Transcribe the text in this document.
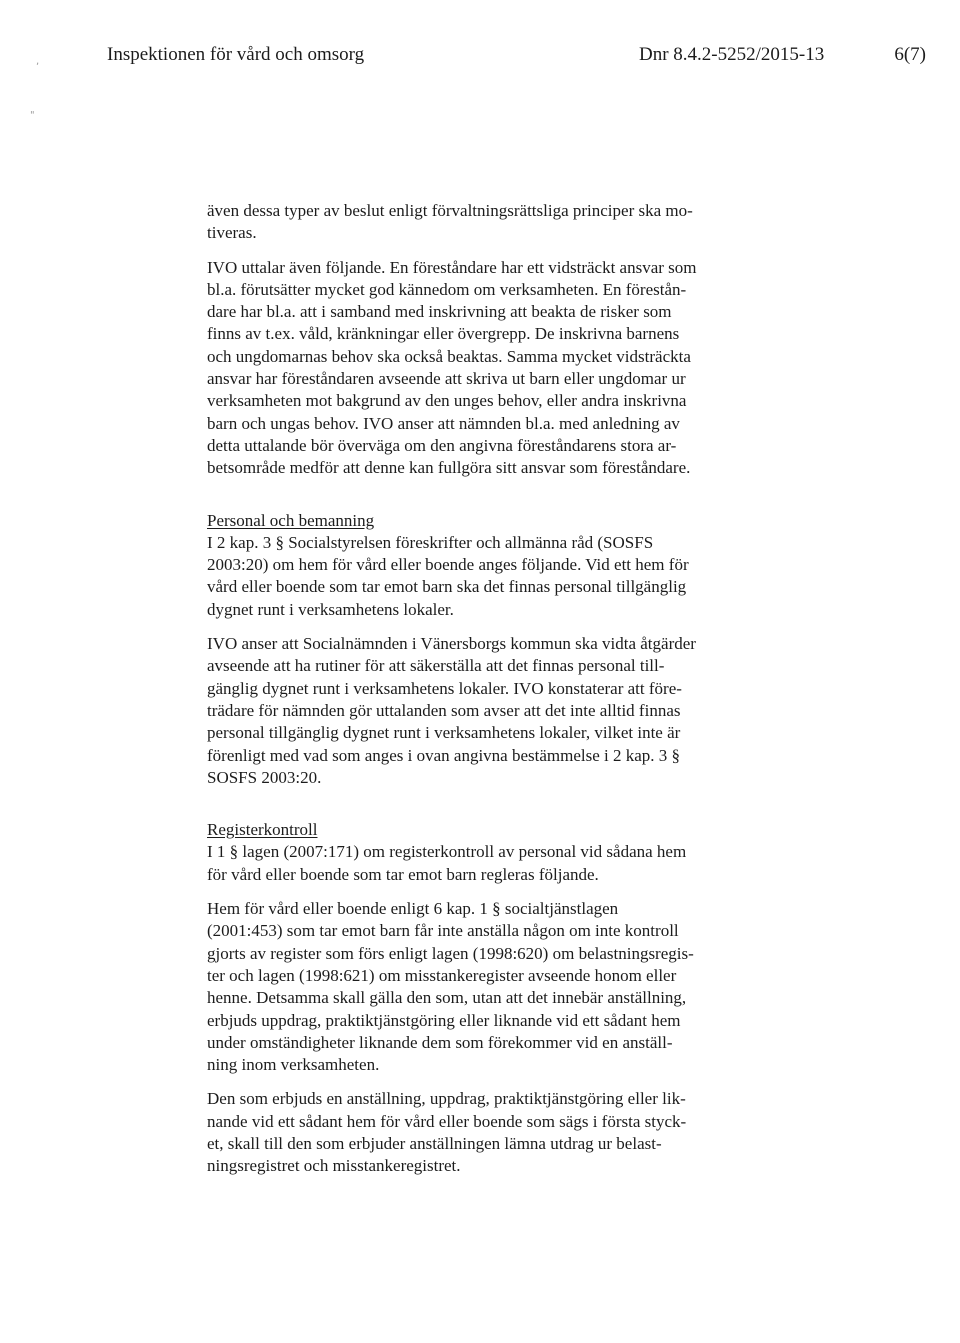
,
"
Inspektionen för vård och omsorg	Dnr 8.4.2-5252/2015-13	6(7)

även dessa typer av beslut enligt förvaltningsrättsliga principer ska mo-
tiveras.

IVO uttalar även följande. En föreståndare har ett vidsträckt ansvar som
bl.a. förutsätter mycket god kännedom om verksamheten. En förestån-
dare har bl.a. att i samband med inskrivning att beakta de risker som
finns av t.ex. våld, kränkningar eller övergrepp. De inskrivna barnens
och ungdomarnas behov ska också beaktas. Samma mycket vidsträckta
ansvar har föreståndaren avseende att skriva ut barn eller ungdomar ur
verksamheten mot bakgrund av den unges behov, eller andra inskrivna
barn och ungas behov. IVO anser att nämnden bl.a. med anledning av
detta uttalande bör överväga om den angivna föreståndarens stora ar-
betsområde medför att denne kan fullgöra sitt ansvar som föreståndare.

Personal och bemanning

I 2 kap. 3 § Socialstyrelsen föreskrifter och allmänna råd (SOSFS
2003:20) om hem för vård eller boende anges följande. Vid ett hem för
vård eller boende som tar emot barn ska det finnas personal tillgänglig
dygnet runt i verksamhetens lokaler.

IVO anser att Socialnämnden i Vänersborgs kommun ska vidta åtgärder
avseende att ha rutiner för att säkerställa att det finnas personal till-
gänglig dygnet runt i verksamhetens lokaler. IVO konstaterar att före-
trädare för nämnden gör uttalanden som avser att det inte alltid finnas
personal tillgänglig dygnet runt i verksamhetens lokaler, vilket inte är
förenligt med vad som anges i ovan angivna bestämmelse i 2 kap. 3 §
SOSFS 2003:20.

Registerkontroll

I 1 § lagen (2007:171) om registerkontroll av personal vid sådana hem
för vård eller boende som tar emot barn regleras följande.

Hem för vård eller boende enligt 6 kap. 1 § socialtjänstlagen
(2001:453) som tar emot barn får inte anställa någon om inte kontroll
gjorts av register som förs enligt lagen (1998:620) om belastningsregis-
ter och lagen (1998:621) om misstankeregister avseende honom eller
henne. Detsamma skall gälla den som, utan att det innebär anställning,
erbjuds uppdrag, praktiktjänstgöring eller liknande vid ett sådant hem
under omständigheter liknande dem som förekommer vid en anställ-
ning inom verksamheten.

Den som erbjuds en anställning, uppdrag, praktiktjänstgöring eller lik-
nande vid ett sådant hem för vård eller boende som sägs i första styck-
et, skall till den som erbjuder anställningen lämna utdrag ur belast-
ningsregistret och misstankeregistret.
